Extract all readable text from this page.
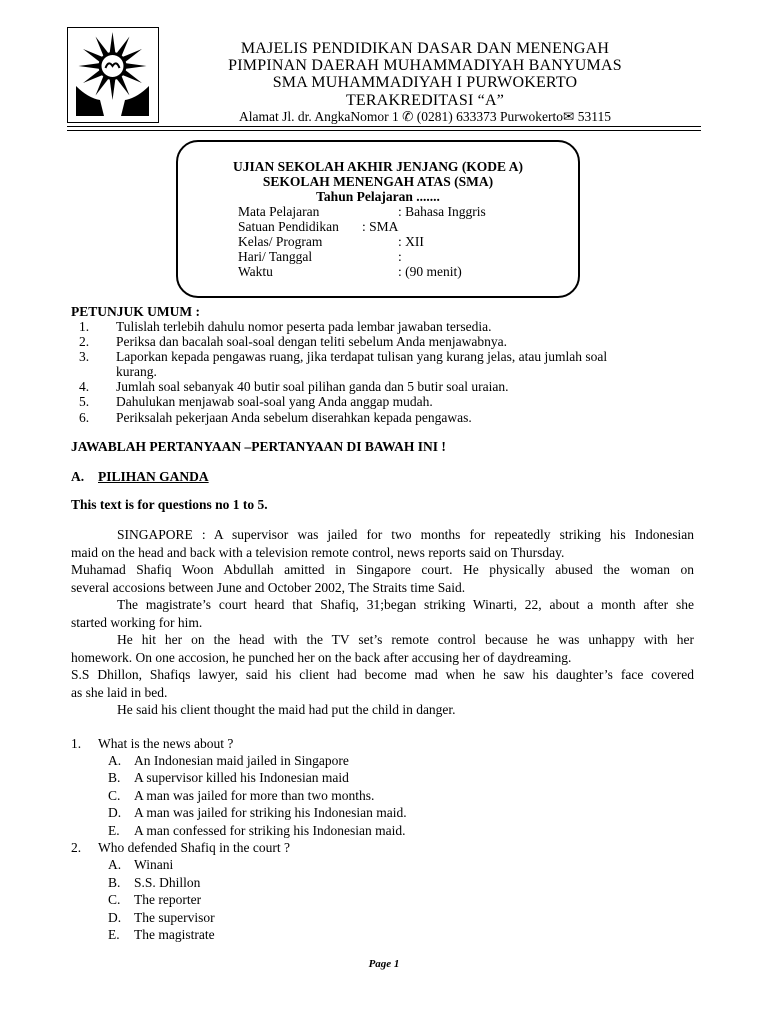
MAJELIS PENDIDIKAN DASAR DAN MENENGAH
PIMPINAN DAERAH MUHAMMADIYAH BANYUMAS
SMA MUHAMMADIYAH I PURWOKERTO
TERAKREDITASI “A”
Alamat Jl. dr. AngkaNomor 1 ✆ (0281) 633373 Purwokerto✉ 53115
UJIAN SEKOLAH AKHIR JENJANG (KODE A)
SEKOLAH MENENGAH ATAS (SMA)
Tahun Pelajaran .......
Mata Pelajaran	: Bahasa Inggris
Satuan Pendidikan : SMA
Kelas/ Program	: XII
Hari/ Tanggal	:
Waktu	: (90 menit)
PETUNJUK UMUM :
1. Tulislah terlebih dahulu nomor peserta pada lembar jawaban tersedia.
2. Periksa dan bacalah soal-soal dengan teliti sebelum Anda menjawabnya.
3. Laporkan kepada pengawas ruang, jika terdapat tulisan yang kurang jelas, atau jumlah soal
kurang.
4. Jumlah soal sebanyak 40 butir soal pilihan ganda dan 5 butir soal uraian.
5. Dahulukan menjawab soal-soal yang Anda anggap mudah.
6. Periksalah pekerjaan Anda sebelum diserahkan kepada pengawas.
JAWABLAH PERTANYAAN –PERTANYAAN DI BAWAH INI !
A. PILIHAN GANDA
This text is for questions no 1 to 5.
SINGAPORE : A supervisor was jailed for two months for repeatedly striking his Indonesian
maid on the head and back with a television remote control, news reports said on Thursday.
Muhamad Shafiq Woon Abdullah amitted in Singapore court. He physically abused the woman on
several accosions between June and October 2002, The Straits time Said.
The magistrate’s court heard that Shafiq, 31;began striking Winarti, 22, about a month after she
started working for him.
He hit her on the head with the TV set’s remote control because he was unhappy with her
homework. On one accosion, he punched her on the back after accusing her of daydreaming.
S.S Dhillon, Shafiqs lawyer, said his client had become mad when he saw his daughter’s face covered
as she laid in bed.
He said his client thought the maid had put the child in danger.
1. What is the news about ?
A. An Indonesian maid jailed in Singapore
B. A supervisor killed his Indonesian maid
C. A man was jailed for more than two months.
D. A man was jailed for striking his Indonesian maid.
E. A man confessed for striking his Indonesian maid.
2. Who defended Shafiq in the court ?
A. Winani
B. S.S. Dhillon
C. The reporter
D. The supervisor
E. The magistrate
Page 1
